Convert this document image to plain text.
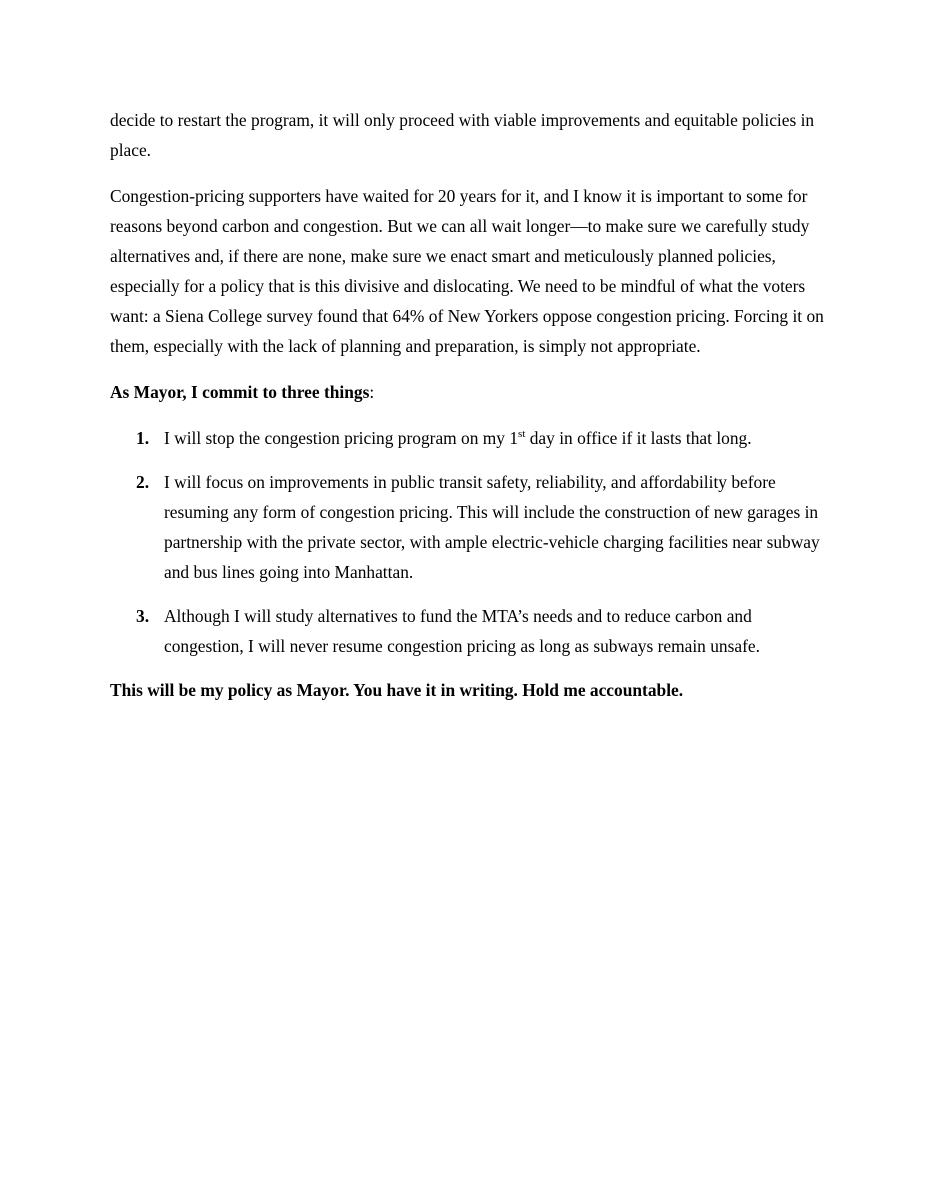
decide to restart the program, it will only proceed with viable improvements and equitable policies in place.

Congestion-pricing supporters have waited for 20 years for it, and I know it is important to some for reasons beyond carbon and congestion. But we can all wait longer—to make sure we carefully study alternatives and, if there are none, make sure we enact smart and meticulously planned policies, especially for a policy that is this divisive and dislocating. We need to be mindful of what the voters want: a Siena College survey found that 64% of New Yorkers oppose congestion pricing. Forcing it on them, especially with the lack of planning and preparation, is simply not appropriate.

As Mayor, I commit to three things:

1. I will stop the congestion pricing program on my 1st day in office if it lasts that long.
2. I will focus on improvements in public transit safety, reliability, and affordability before resuming any form of congestion pricing. This will include the construction of new garages in partnership with the private sector, with ample electric-vehicle charging facilities near subway and bus lines going into Manhattan.
3. Although I will study alternatives to fund the MTA’s needs and to reduce carbon and congestion, I will never resume congestion pricing as long as subways remain unsafe.

This will be my policy as Mayor. You have it in writing. Hold me accountable.
